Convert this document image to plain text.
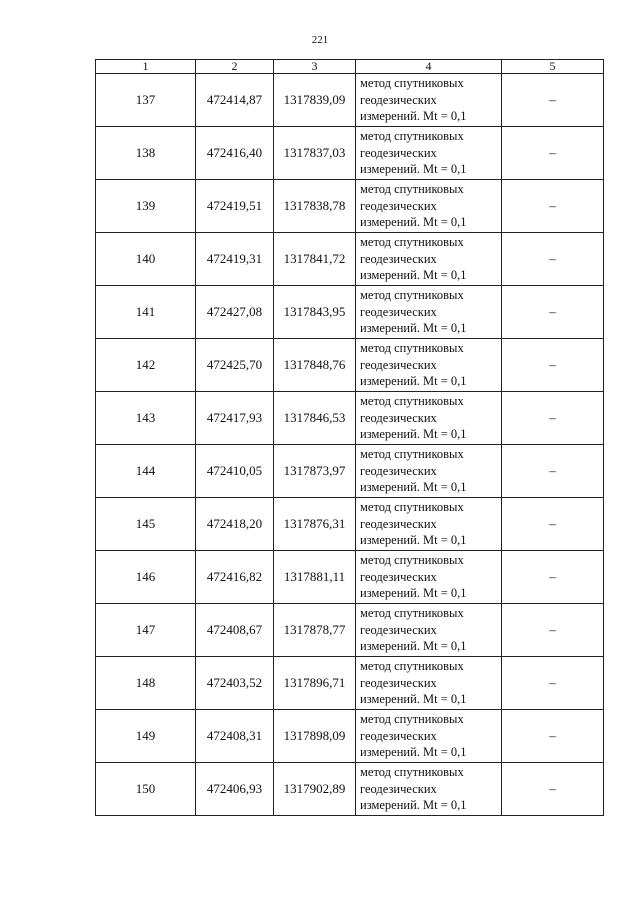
221
1	2	3	4	5
137	472414,87	1317839,09	метод спутниковых
геодезических
измерений. Mt = 0,1	–
138	472416,40	1317837,03	метод спутниковых
геодезических
измерений. Mt = 0,1	–
139	472419,51	1317838,78	метод спутниковых
геодезических
измерений. Mt = 0,1	–
140	472419,31	1317841,72	метод спутниковых
геодезических
измерений. Mt = 0,1	–
141	472427,08	1317843,95	метод спутниковых
геодезических
измерений. Mt = 0,1	–
142	472425,70	1317848,76	метод спутниковых
геодезических
измерений. Mt = 0,1	–
143	472417,93	1317846,53	метод спутниковых
геодезических
измерений. Mt = 0,1	–
144	472410,05	1317873,97	метод спутниковых
геодезических
измерений. Mt = 0,1	–
145	472418,20	1317876,31	метод спутниковых
геодезических
измерений. Mt = 0,1	–
146	472416,82	1317881,11	метод спутниковых
геодезических
измерений. Mt = 0,1	–
147	472408,67	1317878,77	метод спутниковых
геодезических
измерений. Mt = 0,1	–
148	472403,52	1317896,71	метод спутниковых
геодезических
измерений. Mt = 0,1	–
149	472408,31	1317898,09	метод спутниковых
геодезических
измерений. Mt = 0,1	–
150	472406,93	1317902,89	метод спутниковых
геодезических
измерений. Mt = 0,1	–
